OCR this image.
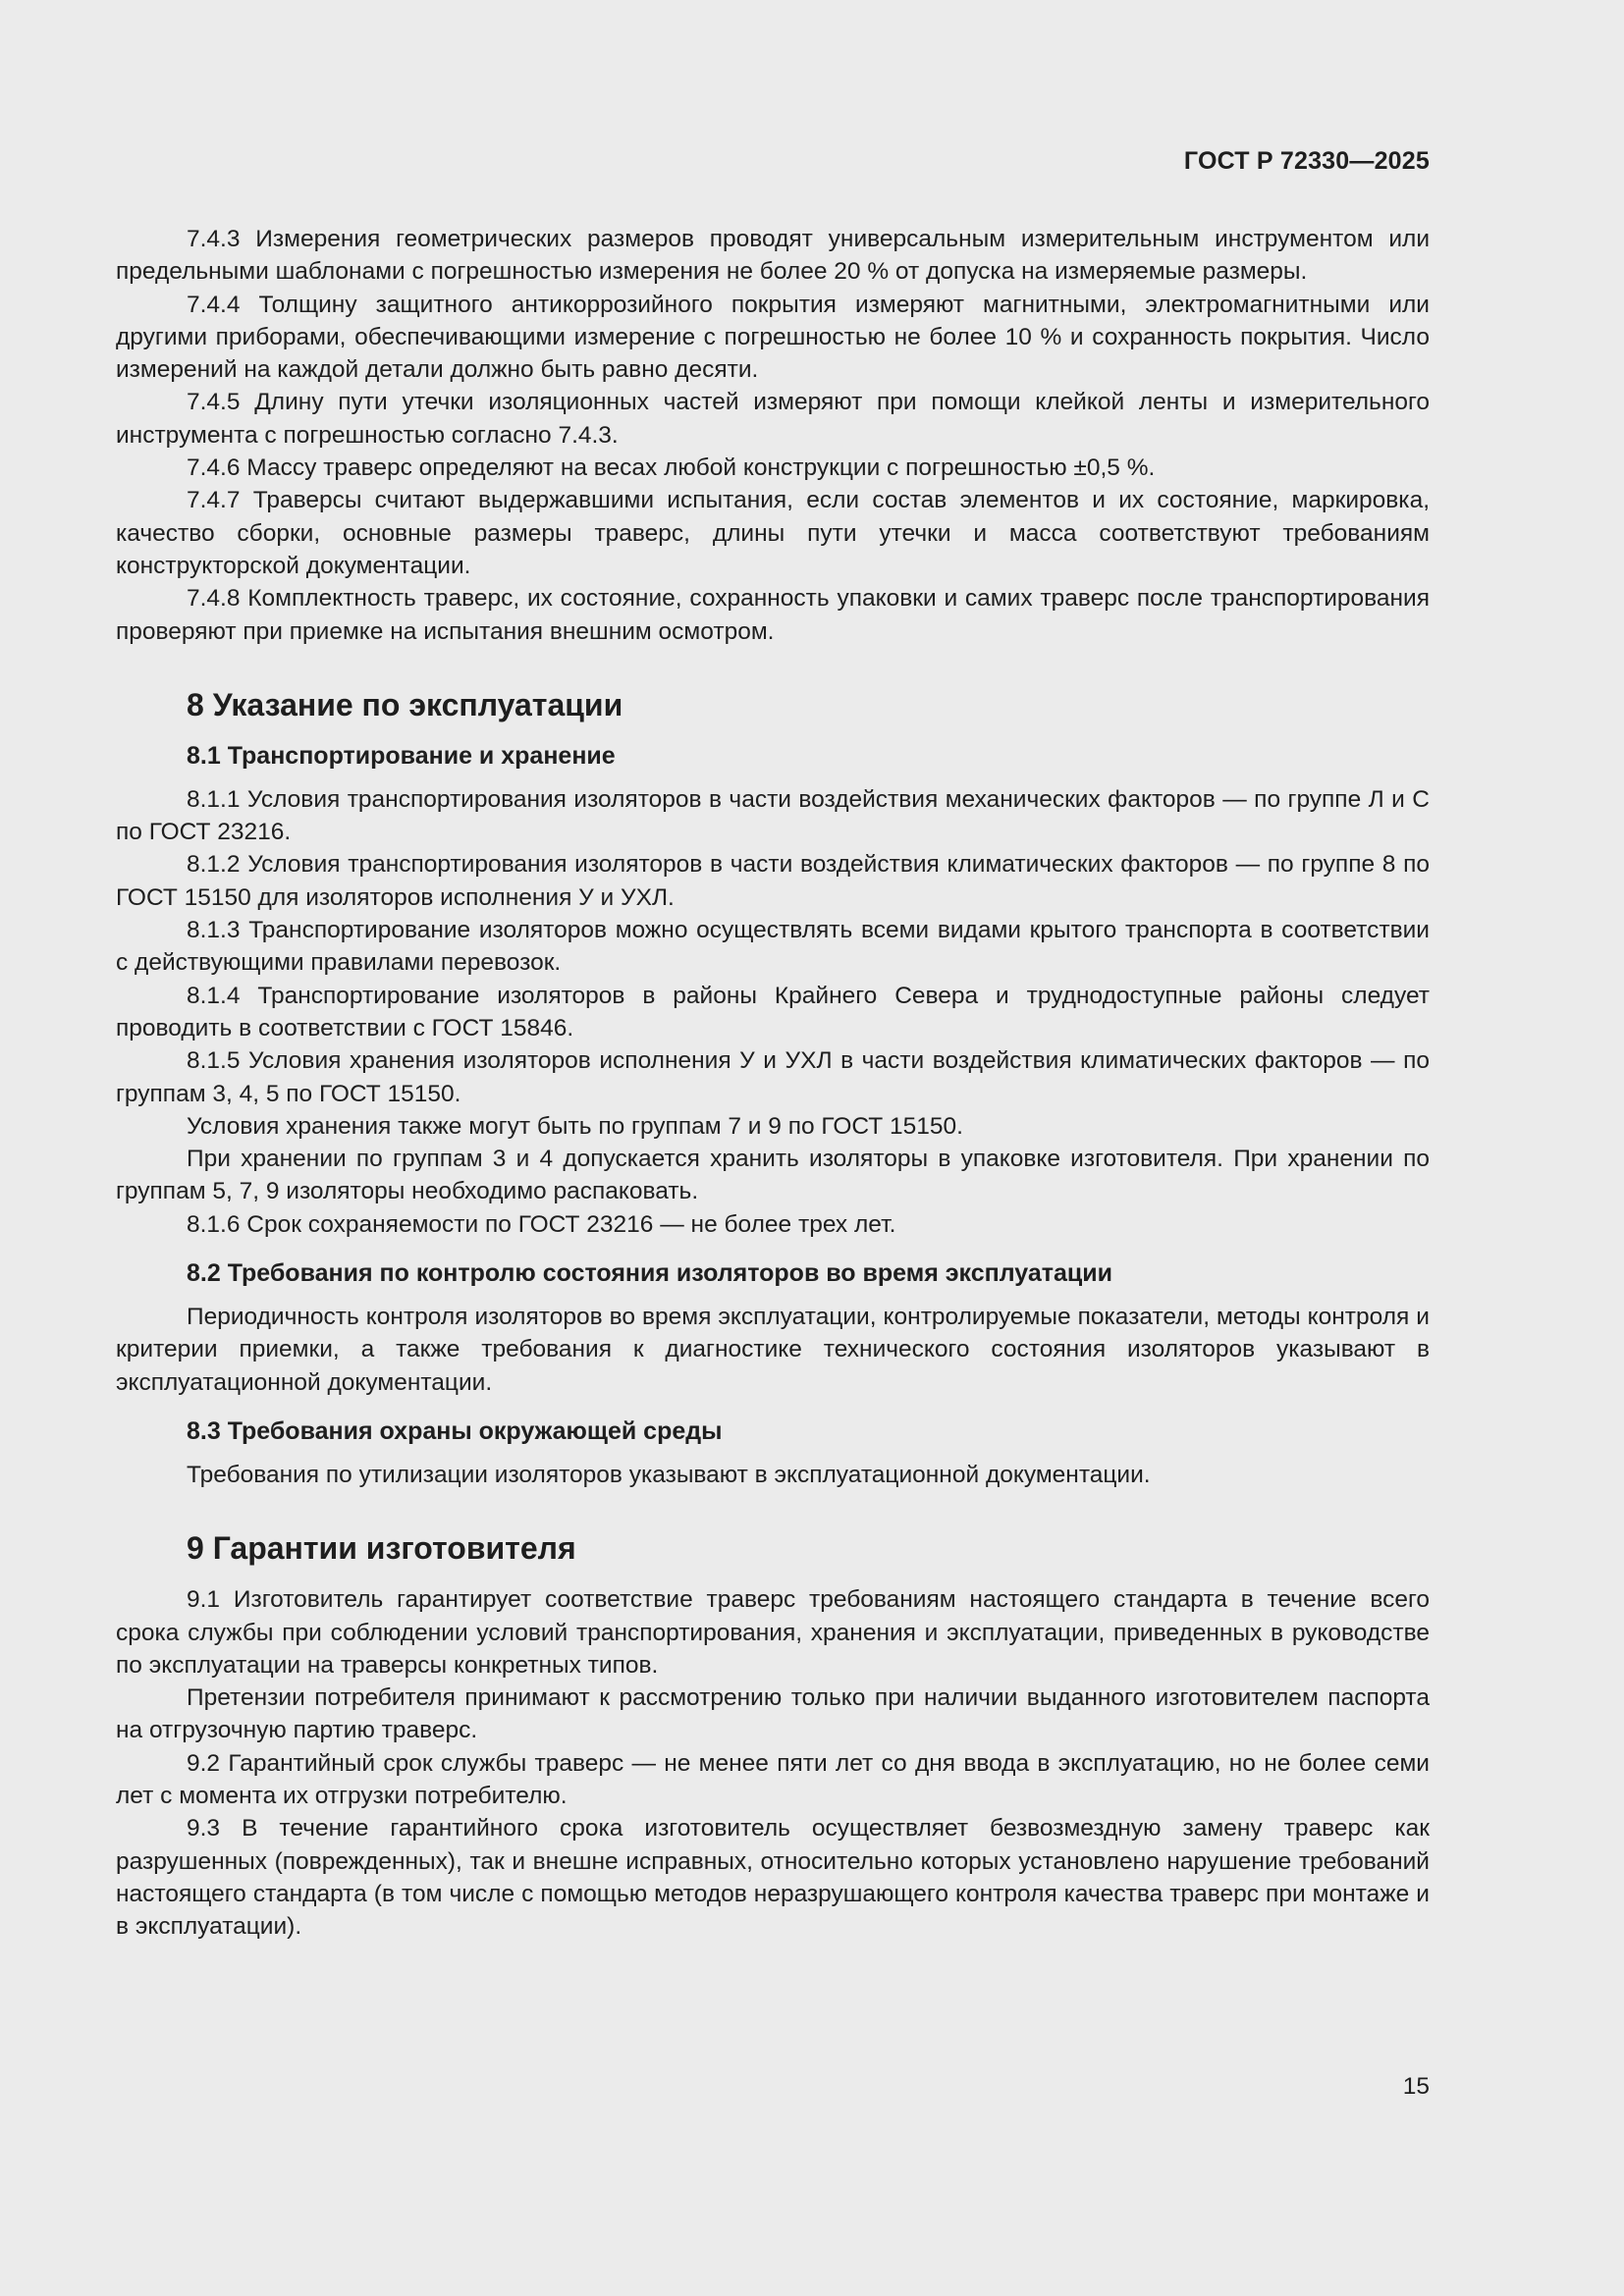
ГОСТ Р 72330—2025

7.4.3 Измерения геометрических размеров проводят универсальным измерительным инструментом или предельными шаблонами с погрешностью измерения не более 20 % от допуска на измеряемые размеры.

7.4.4 Толщину защитного антикоррозийного покрытия измеряют магнитными, электромагнитными или другими приборами, обеспечивающими измерение с погрешностью не более 10 % и сохранность покрытия. Число измерений на каждой детали должно быть равно десяти.

7.4.5 Длину пути утечки изоляционных частей измеряют при помощи клейкой ленты и измерительного инструмента с погрешностью согласно 7.4.3.

7.4.6 Массу траверс определяют на весах любой конструкции с погрешностью ±0,5 %.

7.4.7 Траверсы считают выдержавшими испытания, если состав элементов и их состояние, маркировка, качество сборки, основные размеры траверс, длины пути утечки и масса соответствуют требованиям конструкторской документации.

7.4.8 Комплектность траверс, их состояние, сохранность упаковки и самих траверс после транспортирования проверяют при приемке на испытания внешним осмотром.

8 Указание по эксплуатации
8.1 Транспортирование и хранение

8.1.1 Условия транспортирования изоляторов в части воздействия механических факторов — по группе Л и С по ГОСТ 23216.

8.1.2 Условия транспортирования изоляторов в части воздействия климатических факторов — по группе 8 по ГОСТ 15150 для изоляторов исполнения У и УХЛ.

8.1.3 Транспортирование изоляторов можно осуществлять всеми видами крытого транспорта в соответствии с действующими правилами перевозок.

8.1.4 Транспортирование изоляторов в районы Крайнего Севера и труднодоступные районы следует проводить в соответствии с ГОСТ 15846.

8.1.5 Условия хранения изоляторов исполнения У и УХЛ в части воздействия климатических факторов — по группам 3, 4, 5 по ГОСТ 15150.

Условия хранения также могут быть по группам 7 и 9 по ГОСТ 15150.

При хранении по группам 3 и 4 допускается хранить изоляторы в упаковке изготовителя. При хранении по группам 5, 7, 9 изоляторы необходимо распаковать.

8.1.6 Срок сохраняемости по ГОСТ 23216 — не более трех лет.

8.2 Требования по контролю состояния изоляторов во время эксплуатации

Периодичность контроля изоляторов во время эксплуатации, контролируемые показатели, методы контроля и критерии приемки, а также требования к диагностике технического состояния изоляторов указывают в эксплуатационной документации.

8.3 Требования охраны окружающей среды

Требования по утилизации изоляторов указывают в эксплуатационной документации.

9 Гарантии изготовителя

9.1 Изготовитель гарантирует соответствие траверс требованиям настоящего стандарта в течение всего срока службы при соблюдении условий транспортирования, хранения и эксплуатации, приведенных в руководстве по эксплуатации на траверсы конкретных типов.

Претензии потребителя принимают к рассмотрению только при наличии выданного изготовителем паспорта на отгрузочную партию траверс.

9.2 Гарантийный срок службы траверс — не менее пяти лет со дня ввода в эксплуатацию, но не более семи лет с момента их отгрузки потребителю.

9.3 В течение гарантийного срока изготовитель осуществляет безвозмездную замену траверс как разрушенных (поврежденных), так и внешне исправных, относительно которых установлено нарушение требований настоящего стандарта (в том числе с помощью методов неразрушающего контроля качества траверс при монтаже и в эксплуатации).

15
